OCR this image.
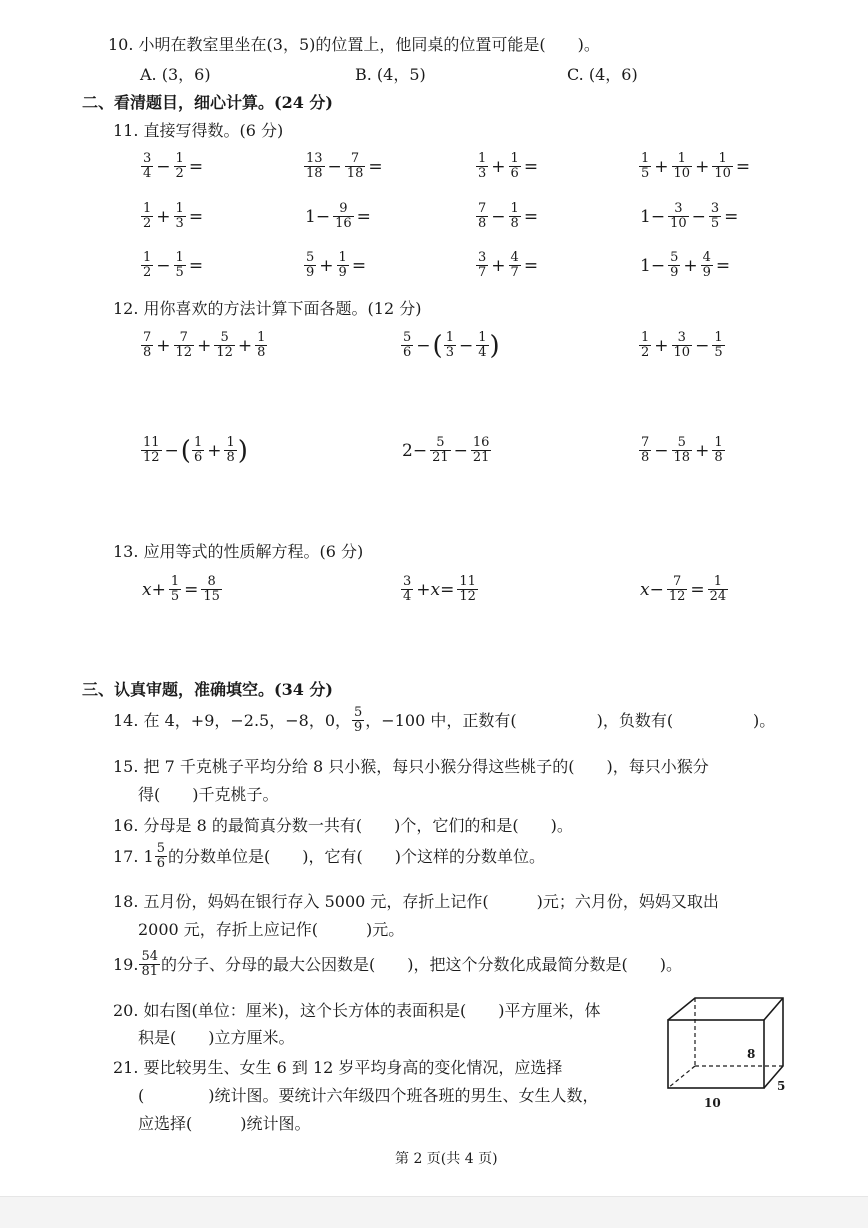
10. 小明在教室里坐在(3，5)的位置上，他同桌的位置可能是(　　)。
A. (3，6)	B. (4，5)	C. (4，6)
二、看清题目，细心计算。(24 分)
11. 直接写得数。(6 分)
$\frac{3}{4} - \frac{1}{2}$ =	$\frac{13}{18} - \frac{7}{18}$ =	$\frac{1}{3} + \frac{1}{6}$ =	$\frac{1}{5} + \frac{1}{10} + \frac{1}{10}$ =
$\frac{1}{2} + \frac{1}{3}$ =	$1- \frac{9}{16}$ =	$\frac{7}{8} - \frac{1}{8}$ =	$1- \frac{3}{10} - \frac{3}{5}$ =
$\frac{1}{2} - \frac{1}{5}$ =	$\frac{5}{9} + \frac{1}{9}$ =	$\frac{3}{7} + \frac{4}{7}$ =	$1- \frac{5}{9} + \frac{4}{9}$ =
12. 用你喜欢的方法计算下面各题。(12 分)
$\frac{7}{8} + \frac{7}{12} + \frac{5}{12} + \frac{1}{8}$	$\frac{5}{6}$ − ( $\frac{1}{3} - \frac{1}{4}$ )	$\frac{1}{2} + \frac{3}{10} - \frac{1}{5}$
$\frac{11}{12}$ − ( $\frac{1}{6} + \frac{1}{8}$ )	$2- \frac{5}{21} - \frac{16}{21}$	$\frac{7}{8} - \frac{5}{18} + \frac{1}{8}$
13. 应用等式的性质解方程。(6 分)
$x+ \frac{1}{5} = \frac{8}{15}$	$\frac{3}{4} +x= \frac{11}{12}$	$x- \frac{7}{12} = \frac{1}{24}$
三、认真审题，准确填空。(34 分)
14. 在 4，+9，−2.5，−8，0， $\frac{5}{9}$ ，−100 中，正数有(　　　　　)，负数有(　　　　　)。
15. 把 7 千克桃子平均分给 8 只小猴，每只小猴分得这些桃子的(　　)，每只小猴分
得(　　)千克桃子。
16. 分母是 8 的最简真分数一共有(　　)个，它们的和是(　　)。
17. $1 \frac{5}{6}$ 的分数单位是(　　)，它有(　　)个这样的分数单位。
18. 五月份，妈妈在银行存入 5000 元，存折上记作(　　　)元；六月份，妈妈又取出
2000 元，存折上应记作(　　　)元。
19. $\frac{54}{81}$ 的分子、分母的最大公因数是(　　)，把这个分数化成最简分数是(　　)。
20. 如右图(单位：厘米)，这个长方体的表面积是(　　)平方厘米，体
积是(　　)立方厘米。
21. 要比较男生、女生 6 到 12 岁平均身高的变化情况，应选择
(　　　　)统计图。要统计六年级四个班各班的男生、女生人数，
应选择(　　　)统计图。
8
5
10
第 2 页(共 4 页)
